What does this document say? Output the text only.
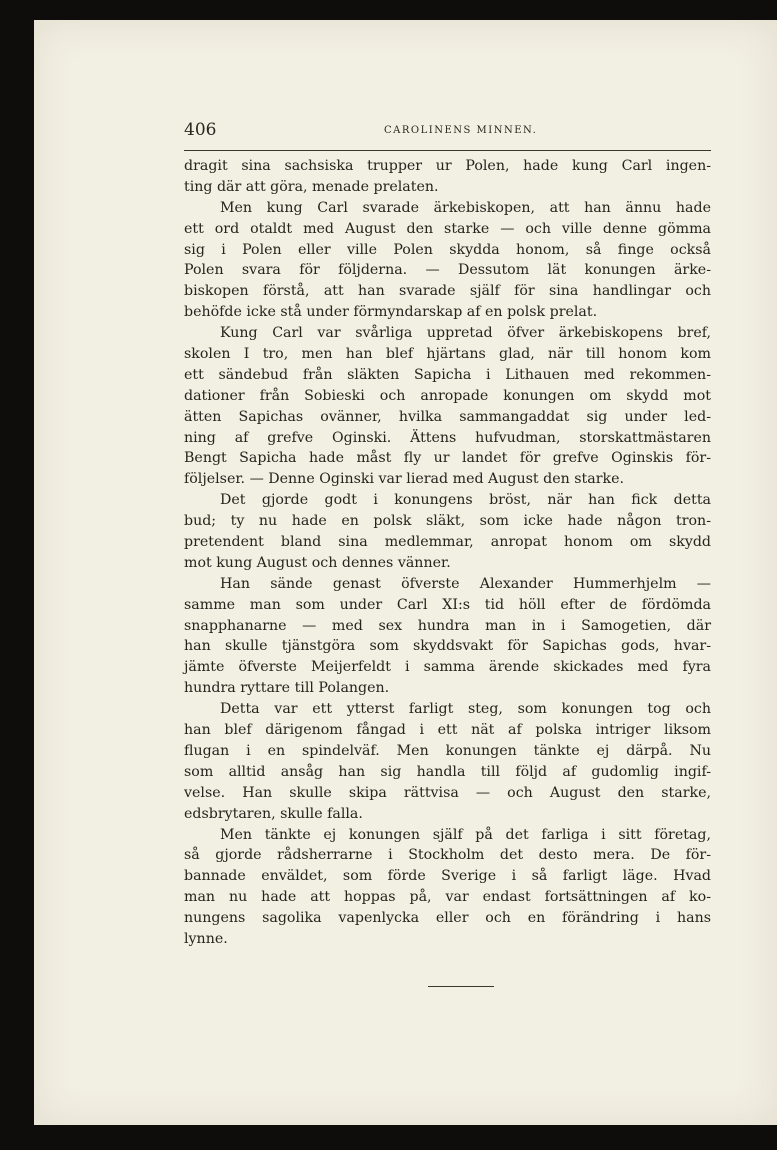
406	CAROLINENS MINNEN.
dragit sina sachsiska trupper ur Polen, hade kung Carl ingen-
ting där att göra, menade prelaten.
Men kung Carl svarade ärkebiskopen, att han ännu hade
ett ord otaldt med August den starke — och ville denne gömma
sig i Polen eller ville Polen skydda honom, så finge också
Polen svara för följderna. — Dessutom lät konungen ärke-
biskopen förstå, att han svarade själf för sina handlingar och
behöfde icke stå under förmyndarskap af en polsk prelat.
Kung Carl var svårliga uppretad öfver ärkebiskopens bref,
skolen I tro, men han blef hjärtans glad, när till honom kom
ett sändebud från släkten Sapicha i Lithauen med rekommen-
dationer från Sobieski och anropade konungen om skydd mot
ätten Sapichas ovänner, hvilka sammangaddat sig under led-
ning af grefve Oginski. Ättens hufvudman, storskattmästaren
Bengt Sapicha hade måst fly ur landet för grefve Oginskis för-
följelser. — Denne Oginski var lierad med August den starke.
Det gjorde godt i konungens bröst, när han fick detta
bud; ty nu hade en polsk släkt, som icke hade någon tron-
pretendent bland sina medlemmar, anropat honom om skydd
mot kung August och dennes vänner.
Han sände genast öfverste Alexander Hummerhjelm —
samme man som under Carl XI:s tid höll efter de fördömda
snapphanarne — med sex hundra man in i Samogetien, där
han skulle tjänstgöra som skyddsvakt för Sapichas gods, hvar-
jämte öfverste Meijerfeldt i samma ärende skickades med fyra
hundra ryttare till Polangen.
Detta var ett ytterst farligt steg, som konungen tog och
han blef därigenom fångad i ett nät af polska intriger liksom
flugan i en spindelväf. Men konungen tänkte ej därpå. Nu
som alltid ansåg han sig handla till följd af gudomlig ingif-
velse. Han skulle skipa rättvisa — och August den starke,
edsbrytaren, skulle falla.
Men tänkte ej konungen själf på det farliga i sitt företag,
så gjorde rådsherrarne i Stockholm det desto mera. De för-
bannade enväldet, som förde Sverige i så farligt läge. Hvad
man nu hade att hoppas på, var endast fortsättningen af ko-
nungens sagolika vapenlycka eller och en förändring i hans
lynne.
